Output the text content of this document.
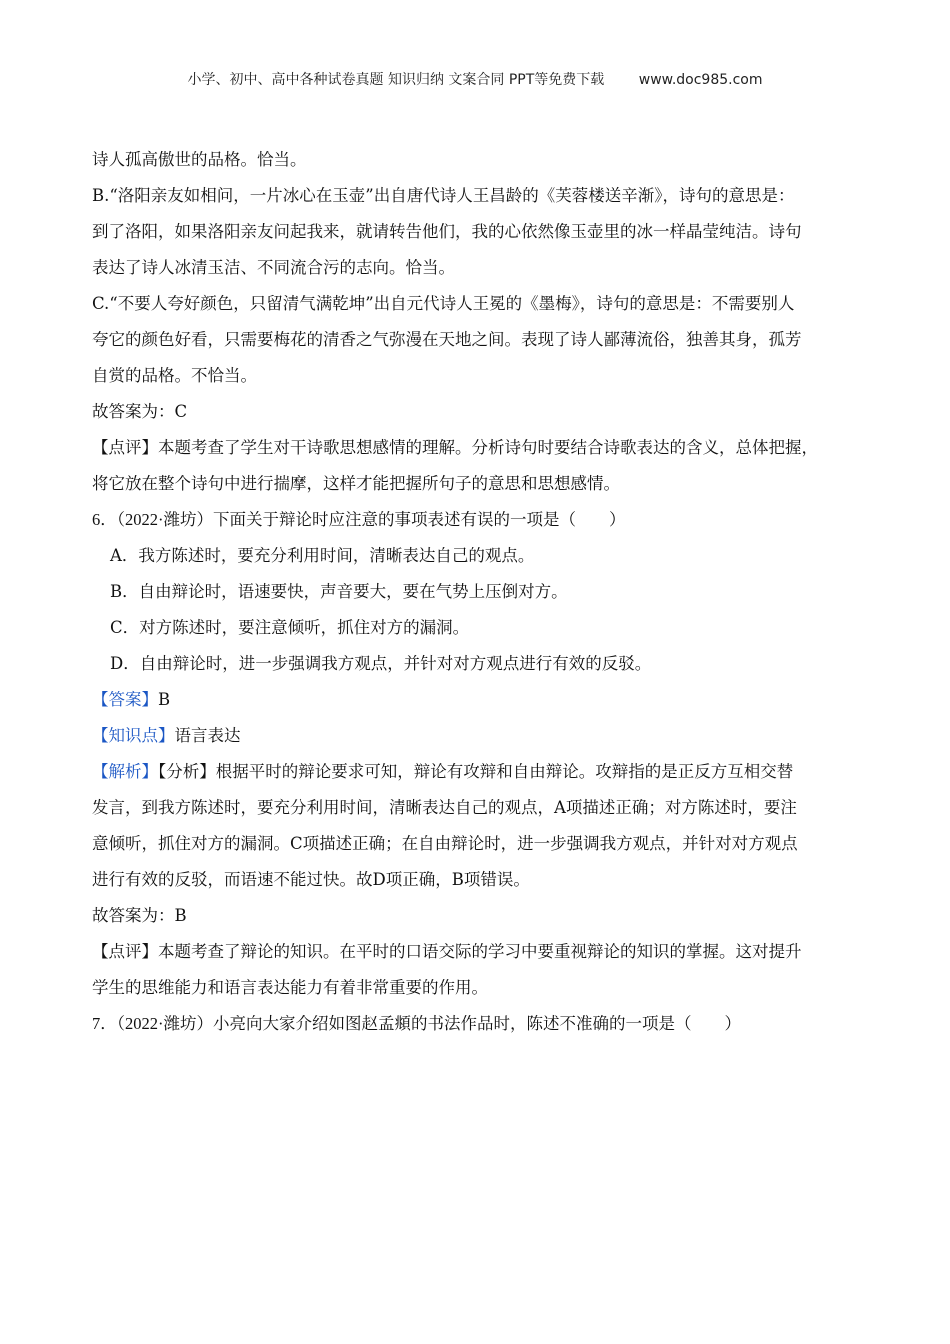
小学、初中、高中各种试卷真题 知识归纳 文案合同 PPT等免费下载 www.doc985.com

诗人孤高傲世的品格。恰当。

B.“洛阳亲友如相问，一片冰心在玉壶”出自唐代诗人王昌龄的《芙蓉楼送辛渐》，诗句的意思是：

到了洛阳，如果洛阳亲友问起我来，就请转告他们，我的心依然像玉壶里的冰一样晶莹纯洁。诗句

表达了诗人冰清玉洁、不同流合污的志向。恰当。

C.“不要人夸好颜色，只留清气满乾坤”出自元代诗人王冕的《墨梅》，诗句的意思是：不需要别人

夸它的颜色好看，只需要梅花的清香之气弥漫在天地之间。表现了诗人鄙薄流俗，独善其身，孤芳

自赏的品格。不恰当。

故答案为：C

【点评】本题考查了学生对干诗歌思想感情的理解。分析诗句时要结合诗歌表达的含义，总体把握，

将它放在整个诗句中进行揣摩，这样才能把握所句子的意思和思想感情。

6．（2022·潍坊）下面关于辩论时应注意的事项表述有误的一项是（　　）

A．我方陈述时，要充分利用时间，清晰表达自己的观点。

B．自由辩论时，语速要快，声音要大，要在气势上压倒对方。

C．对方陈述时，要注意倾听，抓住对方的漏洞。

D．自由辩论时，进一步强调我方观点，并针对对方观点进行有效的反驳。

【答案】B

【知识点】语言表达

【解析】【分析】根据平时的辩论要求可知，辩论有攻辩和自由辩论。攻辩指的是正反方互相交替

发言，到我方陈述时，要充分利用时间，清晰表达自己的观点，A项描述正确；对方陈述时，要注

意倾听，抓住对方的漏洞。C项描述正确；在自由辩论时，进一步强调我方观点，并针对对方观点

进行有效的反驳，而语速不能过快。故D项正确，B项错误。

故答案为：B

【点评】本题考查了辩论的知识。在平时的口语交际的学习中要重视辩论的知识的掌握。这对提升

学生的思维能力和语言表达能力有着非常重要的作用。

7．（2022·潍坊）小亮向大家介绍如图赵孟頫的书法作品时，陈述不准确的一项是（　　）
